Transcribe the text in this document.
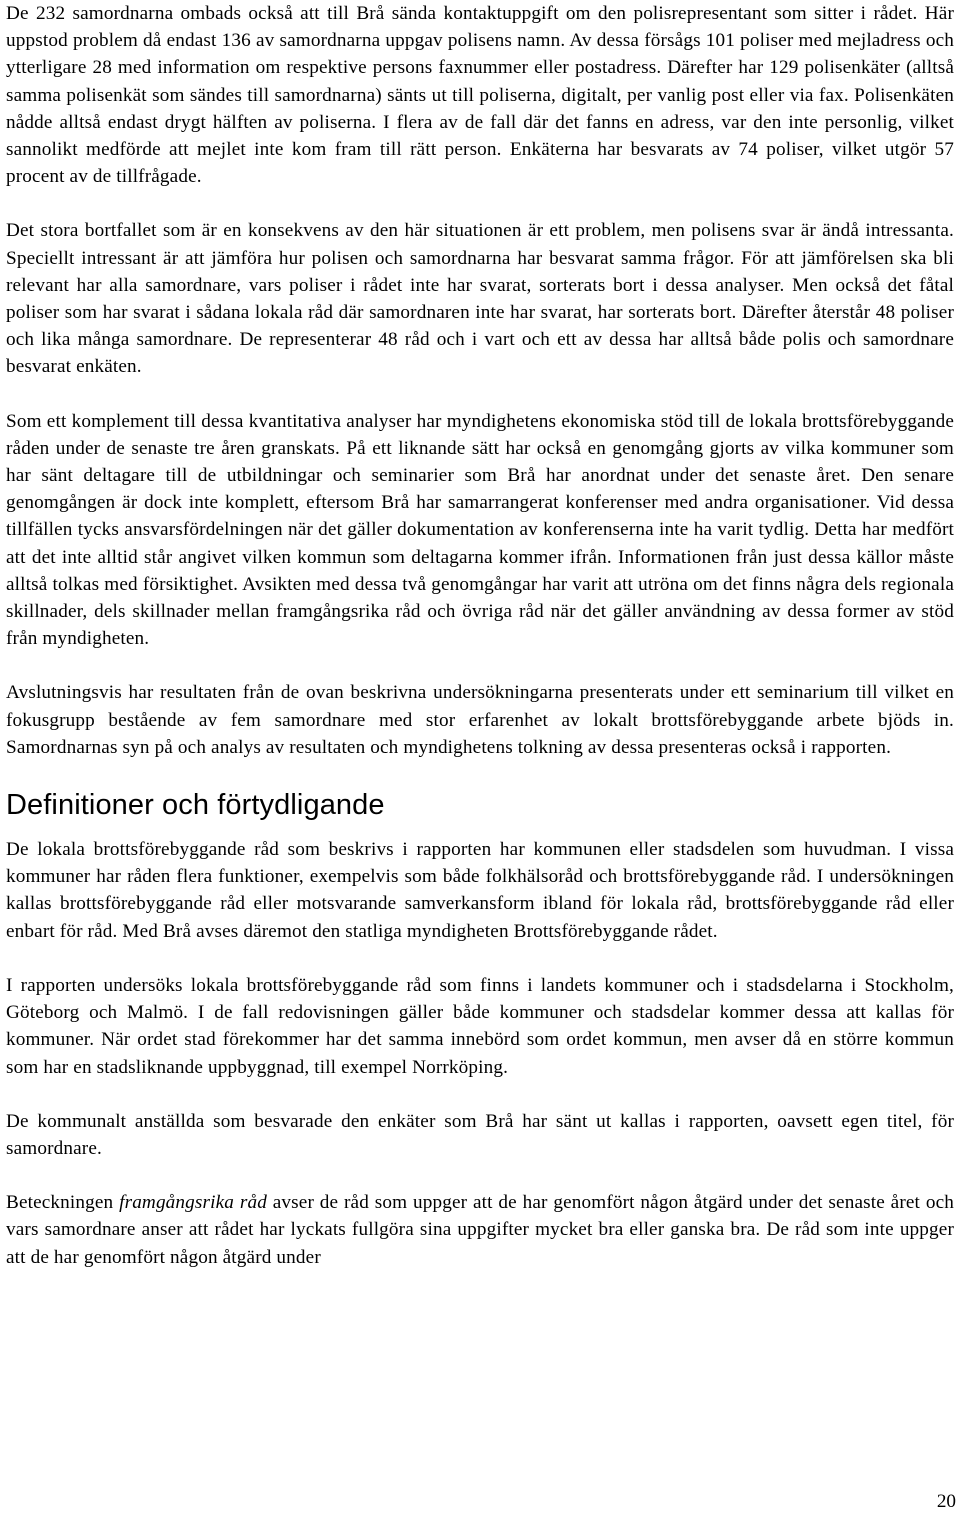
De 232 samordnarna ombads också att till Brå sända kontaktuppgift om den polisrepresentant som sitter i rådet. Här uppstod problem då endast 136 av samordnarna uppgav polisens namn. Av dessa försågs 101 poliser med mejladress och ytterligare 28 med information om respektive persons faxnummer eller postadress. Därefter har 129 polisenkäter (alltså samma polisenkät som sändes till samordnarna) sänts ut till poliserna, digitalt, per vanlig post eller via fax. Polisenkäten nådde alltså endast drygt hälften av poliserna. I flera av de fall där det fanns en adress, var den inte personlig, vilket sannolikt medförde att mejlet inte kom fram till rätt person. Enkäterna har besvarats av 74 poliser, vilket utgör 57 procent av de tillfrågade.

Det stora bortfallet som är en konsekvens av den här situationen är ett problem, men polisens svar är ändå intressanta. Speciellt intressant är att jämföra hur polisen och samordnarna har besvarat samma frågor. För att jämförelsen ska bli relevant har alla samordnare, vars poliser i rådet inte har svarat, sorterats bort i dessa analyser. Men också det fåtal poliser som har svarat i sådana lokala råd där samordnaren inte har svarat, har sorterats bort. Därefter återstår 48 poliser och lika många samordnare. De representerar 48 råd och i vart och ett av dessa har alltså både polis och samordnare besvarat enkäten.

Som ett komplement till dessa kvantitativa analyser har myndighetens ekonomiska stöd till de lokala brottsförebyggande råden under de senaste tre åren granskats. På ett liknande sätt har också en genomgång gjorts av vilka kommuner som har sänt deltagare till de utbildningar och seminarier som Brå har anordnat under det senaste året. Den senare genomgången är dock inte komplett, eftersom Brå har samarrangerat konferenser med andra organisationer. Vid dessa tillfällen tycks ansvarsfördelningen när det gäller dokumentation av konferenserna inte ha varit tydlig. Detta har medfört att det inte alltid står angivet vilken kommun som deltagarna kommer ifrån. Informationen från just dessa källor måste alltså tolkas med försiktighet. Avsikten med dessa två genomgångar har varit att utröna om det finns några dels regionala skillnader, dels skillnader mellan framgångsrika råd och övriga råd när det gäller användning av dessa former av stöd från myndigheten.

Avslutningsvis har resultaten från de ovan beskrivna undersökningarna presenterats under ett seminarium till vilket en fokusgrupp bestående av fem samordnare med stor erfarenhet av lokalt brottsförebyggande arbete bjöds in. Samordnarnas syn på och analys av resultaten och myndighetens tolkning av dessa presenteras också i rapporten.

Definitioner och förtydligande

De lokala brottsförebyggande råd som beskrivs i rapporten har kommunen eller stadsdelen som huvudman. I vissa kommuner har råden flera funktioner, exempelvis som både folkhälsoråd och brottsförebyggande råd. I undersökningen kallas brottsförebyggande råd eller motsvarande samverkansform ibland för lokala råd, brottsförebyggande råd eller enbart för råd. Med Brå avses däremot den statliga myndigheten Brottsförebyggande rådet.

I rapporten undersöks lokala brottsförebyggande råd som finns i landets kommuner och i stadsdelarna i Stockholm, Göteborg och Malmö. I de fall redovisningen gäller både kommuner och stadsdelar kommer dessa att kallas för kommuner. När ordet stad förekommer har det samma innebörd som ordet kommun, men avser då en större kommun som har en stadsliknande uppbyggnad, till exempel Norrköping.

De kommunalt anställda som besvarade den enkäter som Brå har sänt ut kallas i rapporten, oavsett egen titel, för samordnare.

Beteckningen framgångsrika råd avser de råd som uppger att de har genomfört någon åtgärd under det senaste året och vars samordnare anser att rådet har lyckats fullgöra sina uppgifter mycket bra eller ganska bra. De råd som inte uppger att de har genomfört någon åtgärd under

20
